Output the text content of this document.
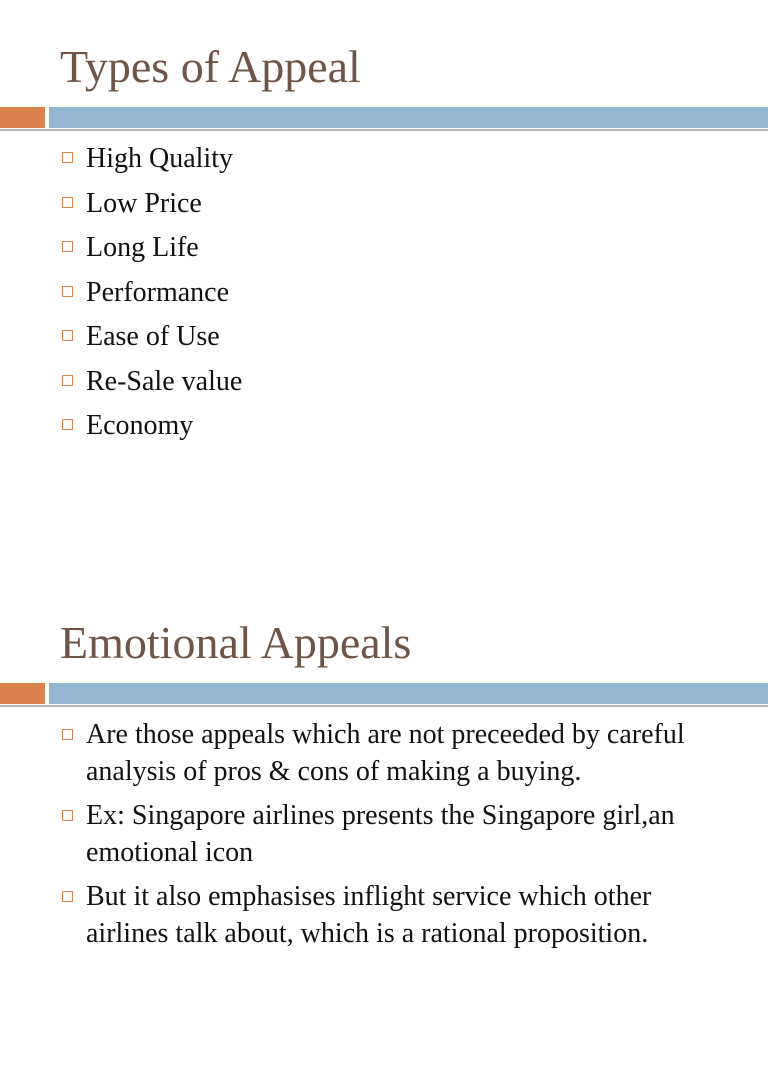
Types of Appeal
High Quality
Low Price
Long Life
Performance
Ease of Use
Re-Sale value
Economy
Emotional Appeals
Are those appeals which are not preceeded by careful analysis of pros & cons of making a buying.
Ex: Singapore airlines presents the Singapore girl,an emotional icon
But it also emphasises inflight service which other airlines talk about, which is a rational proposition.
